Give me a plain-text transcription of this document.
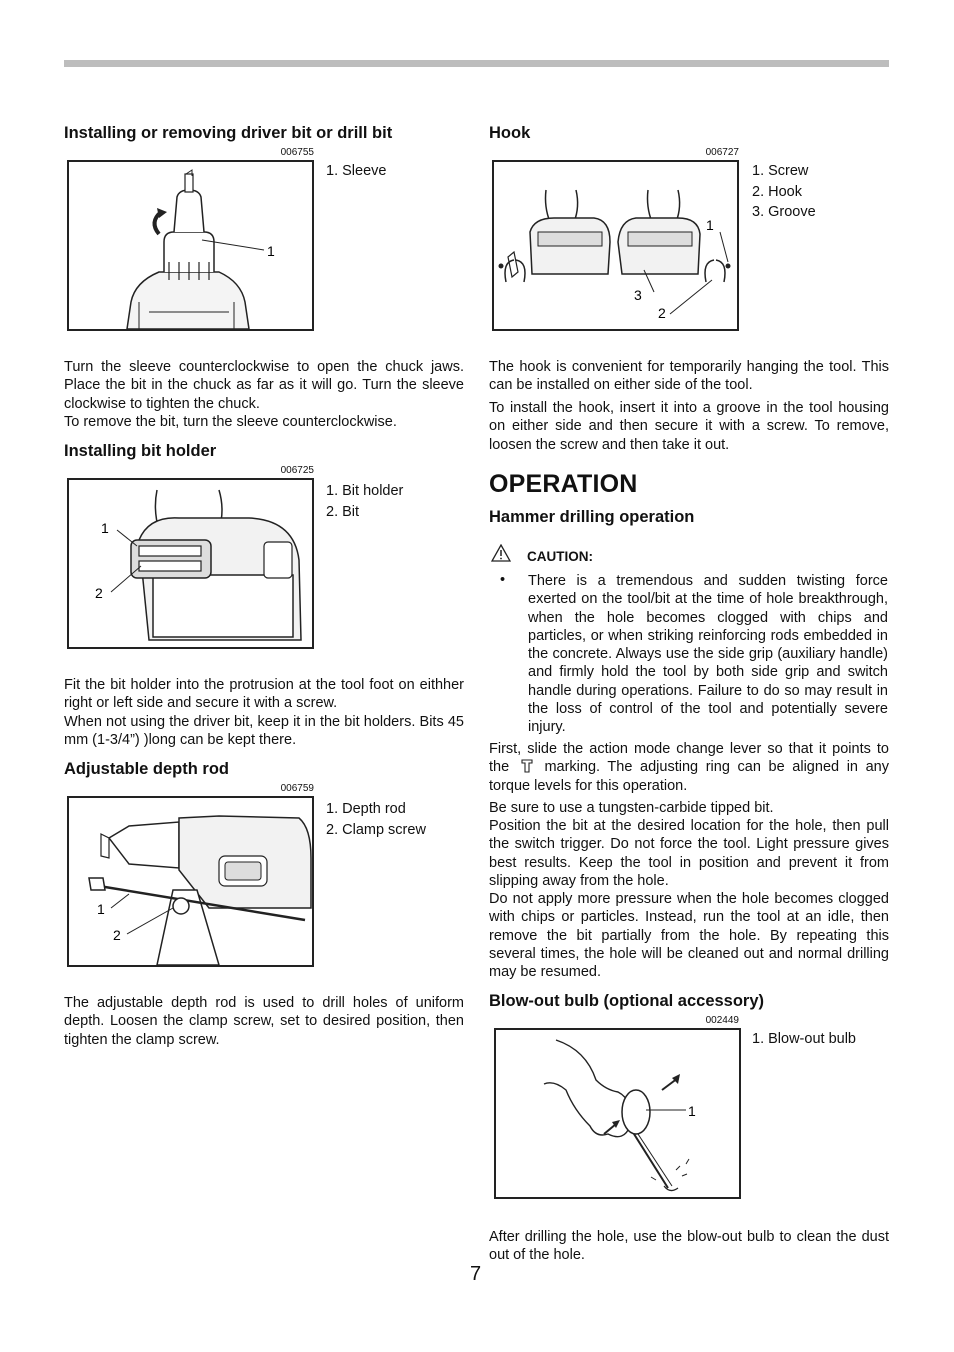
Installing or removing driver bit or drill bit
006755
1
1. Sleeve

Turn the sleeve counterclockwise to open the chuck jaws. Place the bit in the chuck as far as it will go. Turn the sleeve clockwise to tighten the chuck.

To remove the bit, turn the sleeve counterclockwise.

Installing bit holder
006725
1
2
1. Bit holder
2. Bit

Fit the bit holder into the protrusion at the tool foot on eithher right or left side and secure it with a screw.

When not using the driver bit, keep it in the bit holders. Bits 45 mm (1-3/4”) )long can be kept there.

Adjustable depth rod
006759
1
2
1. Depth rod
2. Clamp screw

The adjustable depth rod is used to drill holes of uniform depth. Loosen the clamp screw, set to desired position, then tighten the clamp screw.

Hook
006727
1
3
2
1. Screw
2. Hook
3. Groove

The hook is convenient for temporarily hanging the tool. This can be installed on either side of the tool.

To install the hook, insert it into a groove in the tool housing on either side and then secure it with a screw. To remove, loosen the screw and then take it out.

OPERATION
Hammer drilling operation
CAUTION:
• There is a tremendous and sudden twisting force exerted on the tool/bit at the time of hole breakthrough, when the hole becomes clogged with chips and particles, or when striking reinforcing rods embedded in the concrete. Always use the side grip (auxiliary handle) and firmly hold the tool by both side grip and switch handle during operations. Failure to do so may result in the loss of control of the tool and potentially severe injury.

First, slide the action mode change lever so that it points to the marking. The adjusting ring can be aligned in any torque levels for this operation.

Be sure to use a tungsten-carbide tipped bit.

Position the bit at the desired location for the hole, then pull the switch trigger. Do not force the tool. Light pressure gives best results. Keep the tool in position and prevent it from slipping away from the hole.

Do not apply more pressure when the hole becomes clogged with chips or particles. Instead, run the tool at an idle, then remove the bit partially from the hole. By repeating this several times, the hole will be cleaned out and normal drilling may be resumed.

Blow-out bulb (optional accessory)
002449
1
1. Blow-out bulb

After drilling the hole, use the blow-out bulb to clean the dust out of the hole.

7
